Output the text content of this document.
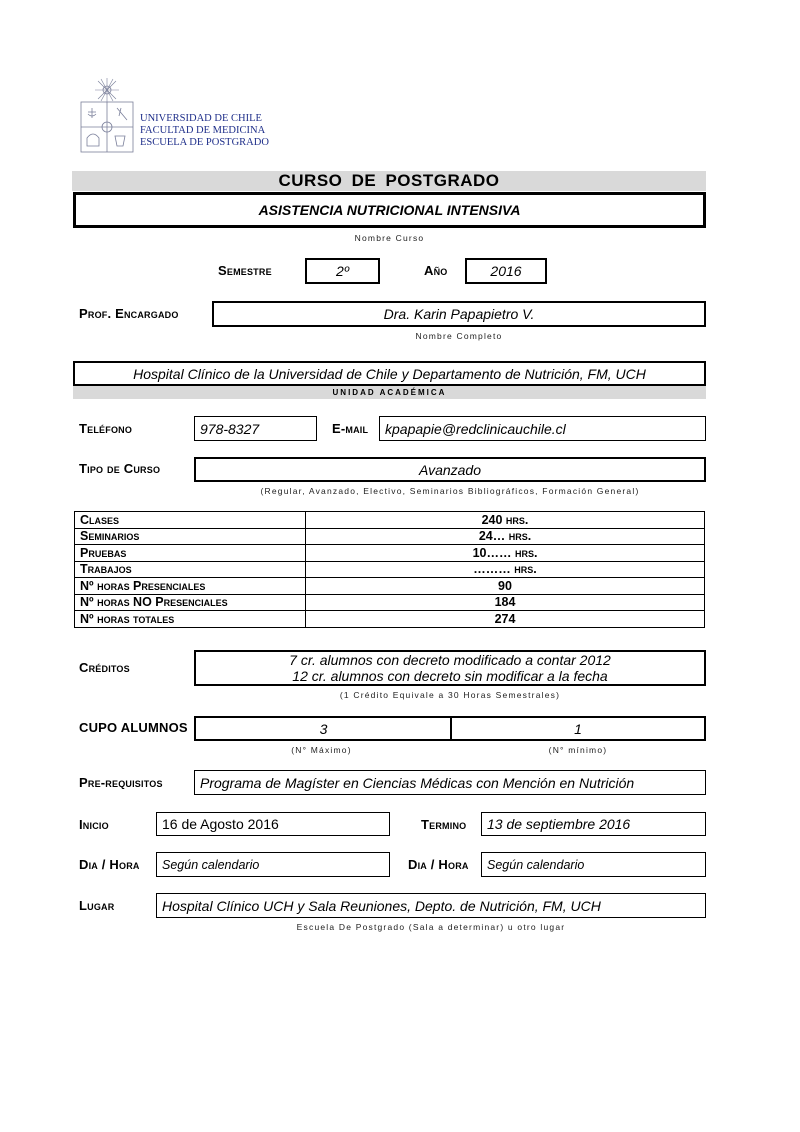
UNIVERSIDAD DE CHILE
FACULTAD DE MEDICINA
ESCUELA DE POSTGRADO
CURSO DE POSTGRADO
ASISTENCIA NUTRICIONAL INTENSIVA
Nombre Curso
Semestre	2º	Año	2016
Prof. Encargado	Dra. Karin Papapietro V.
Nombre Completo
Hospital Clínico de la Universidad de Chile y Departamento de Nutrición, FM, UCH
UNIDAD ACADÉMICA
Teléfono	978-8327	E-mail kpapapie@redclinicauchile.cl
Tipo de Curso	Avanzado
(Regular, Avanzado, Electivo, Seminarios Bibliográficos, Formación General)
Clases	240 hrs.
Seminarios	24… hrs.
Pruebas	10…… hrs.
Trabajos	……… hrs.
Nº horas Presenciales	90
Nº horas NO Presenciales	184
Nº horas totales	274
Créditos	7 cr. alumnos con decreto modificado a contar 2012
12 cr. alumnos con decreto sin modificar a la fecha
(1 Crédito Equivale a 30 Horas Semestrales)
CUPO ALUMNOS	3	1
(N° Máximo)	(N° mínimo)
Pre-requisitos	Programa de Magíster en Ciencias Médicas con Mención en Nutrición
Inicio	16 de Agosto 2016	Termino 13 de septiembre 2016
Dia / Hora Según calendario	Dia / Hora Según calendario
Lugar	Hospital Clínico UCH y Sala Reuniones, Depto. de Nutrición, FM, UCH
Escuela De Postgrado (Sala a determinar) u otro lugar
